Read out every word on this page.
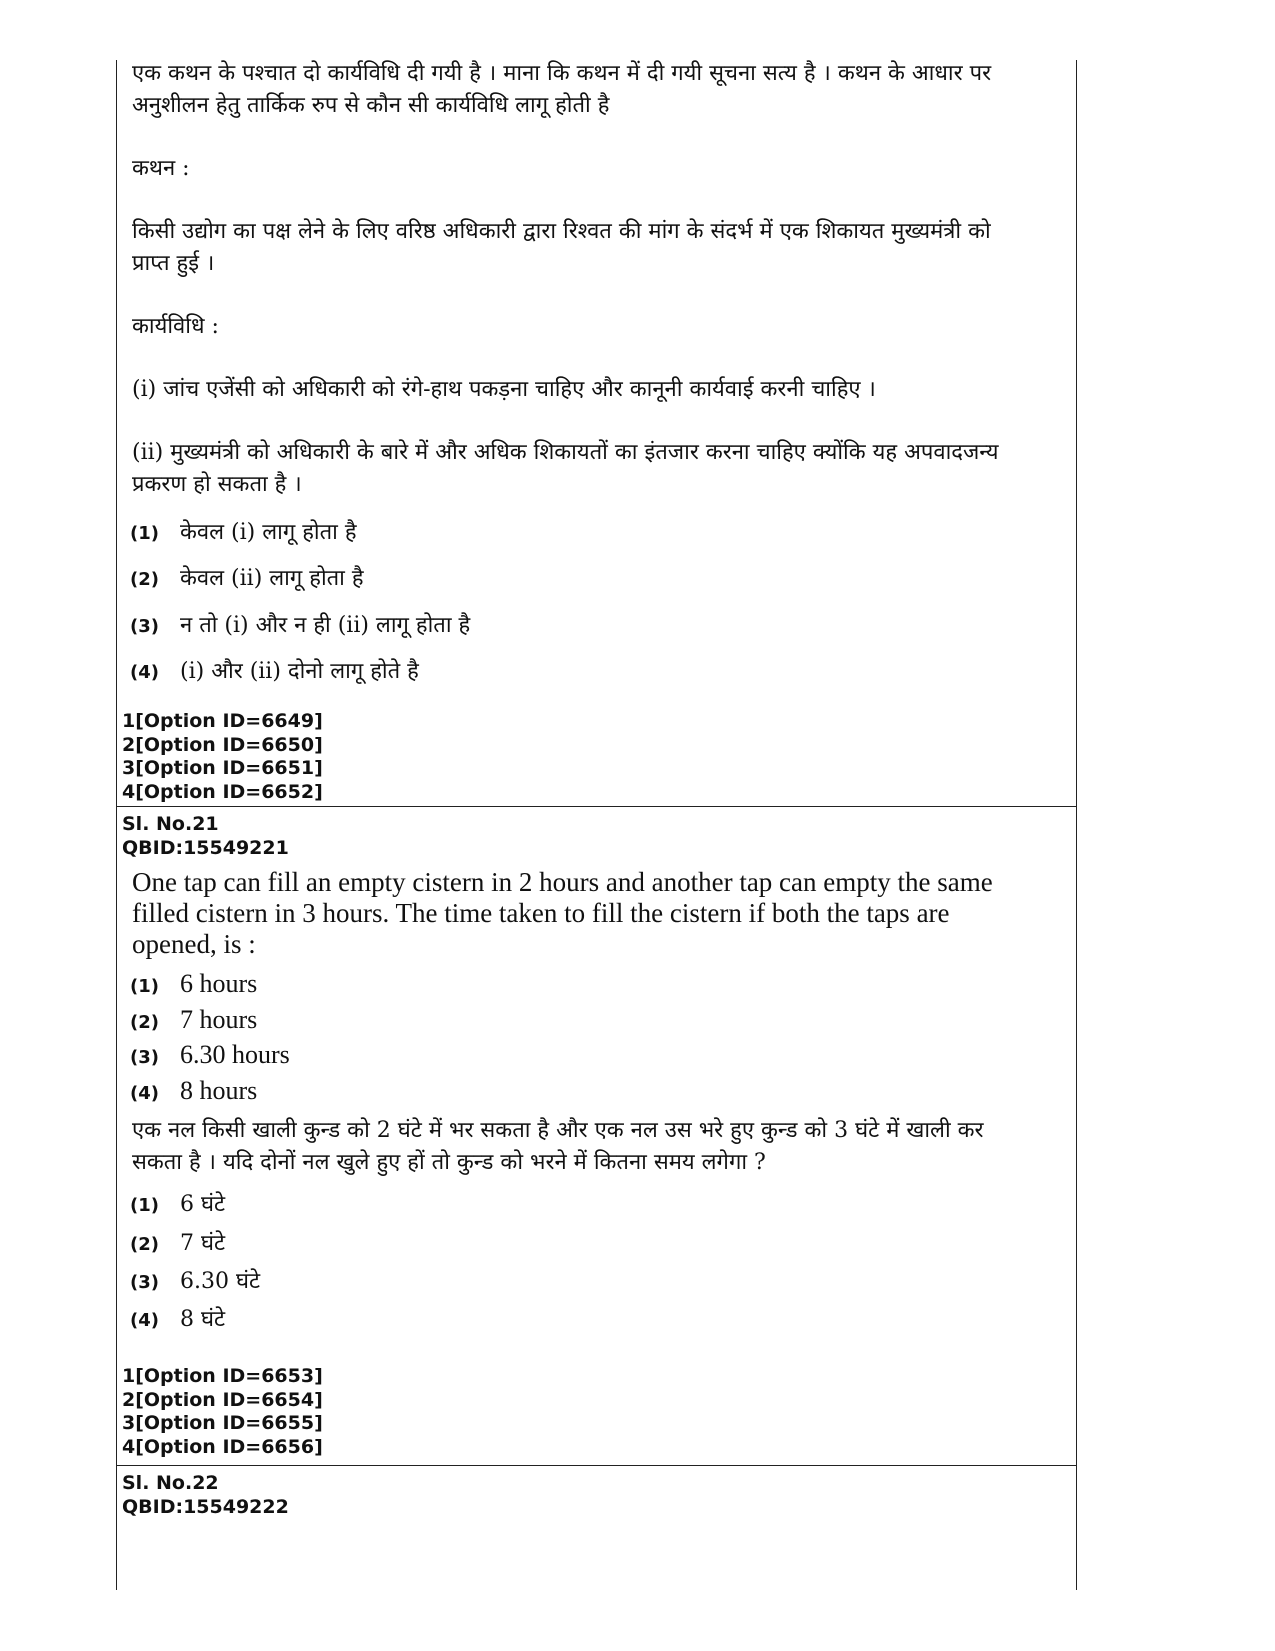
एक कथन के पश्चात दो कार्यविधि दी गयी है । माना कि कथन में दी गयी सूचना सत्य है । कथन के आधार पर अनुशीलन हेतु तार्किक रुप से कौन सी कार्यविधि लागू होती है

कथन :

किसी उद्योग का पक्ष लेने के लिए वरिष्ठ अधिकारी द्वारा रिश्वत की मांग के संदर्भ में एक शिकायत मुख्यमंत्री को प्राप्त हुई ।

कार्यविधि :

(i) जांच एजेंसी को अधिकारी को रंगे-हाथ पकड़ना चाहिए और कानूनी कार्यवाई करनी चाहिए ।

(ii) मुख्यमंत्री को अधिकारी के बारे में और अधिक शिकायतों का इंतजार करना चाहिए क्योंकि यह अपवादजन्य प्रकरण हो सकता है ।

(1) केवल (i) लागू होता है
(2) केवल (ii) लागू होता है
(3) न तो (i) और न ही (ii) लागू होता है
(4) (i) और (ii) दोनो लागू होते है
1[Option ID=6649]
2[Option ID=6650]
3[Option ID=6651]
4[Option ID=6652]
Sl. No.21
QBID:15549221

One tap can fill an empty cistern in 2 hours and another tap can empty the same filled cistern in 3 hours. The time taken to fill the cistern if both the taps are opened, is :

(1) 6 hours
(2) 7 hours
(3) 6.30 hours
(4) 8 hours

एक नल किसी खाली कुन्ड को 2 घंटे में भर सकता है और एक नल उस भरे हुए कुन्ड को 3 घंटे में खाली कर सकता है । यदि दोनों नल खुले हुए हों तो कुन्ड को भरने में कितना समय लगेगा ?

(1) 6 घंटे
(2) 7 घंटे
(3) 6.30 घंटे
(4) 8 घंटे
1[Option ID=6653]
2[Option ID=6654]
3[Option ID=6655]
4[Option ID=6656]
Sl. No.22
QBID:15549222
